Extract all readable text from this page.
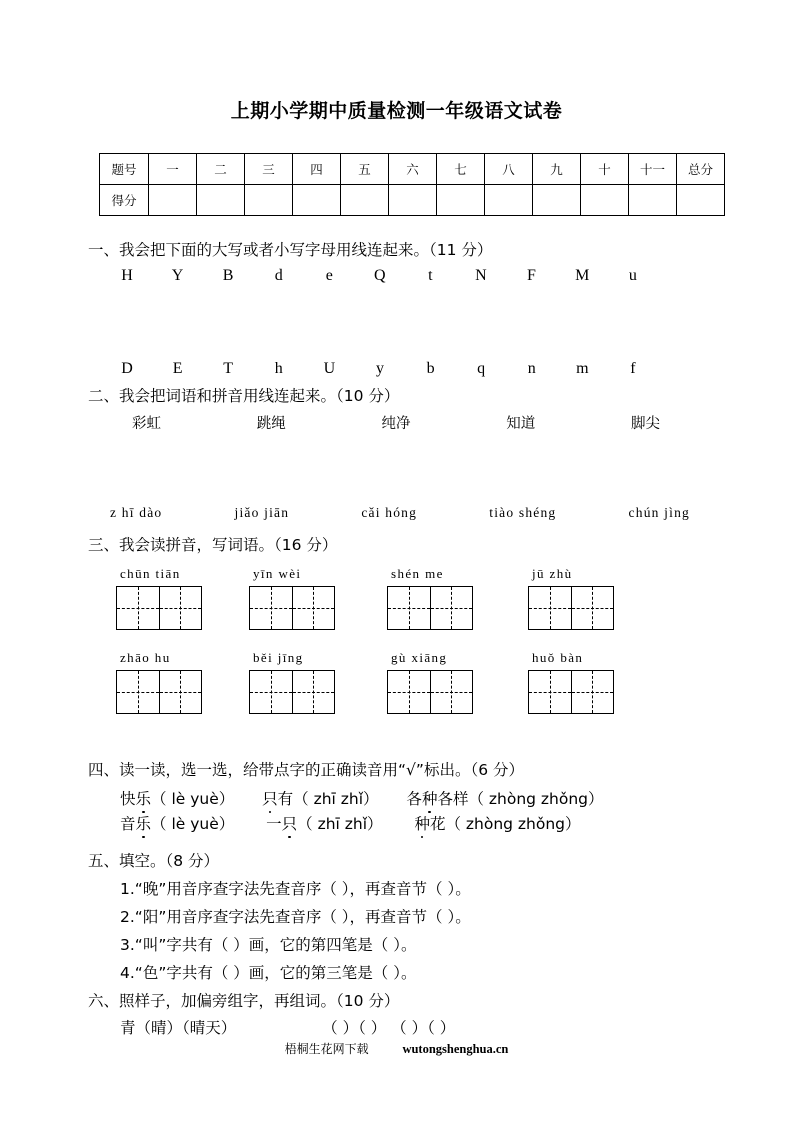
上期小学期中质量检测一年级语文试卷
题号	一	二	三	四	五	六	七	八	九	十	十一	总分
得分												
一、我会把下面的大写或者小写字母用线连起来。（11 分）
H Y B	d	e	Q	t	N	F M u
D E	T	h	U	y	b	q	n	m	f
二、我会把词语和拼音用线连起来。（10 分）
彩虹	跳绳	纯净	知道	脚尖
z hī dào	jiǎo jiān	cǎi hóng	tiào shéng	chún jìng
三、我会读拼音，写词语。（16 分）
chūn tiān	yīn wèi	shén me	jū zhù
zhāo hu	běi jīng	gù xiāng	huǒ bàn
四、读一读，选一选，给带点字的正确读音用“√”标出。（6 分）
快乐（ lè yuè） 只有（ zhī zhǐ） 各种各样（ zhòng zhǒng）
音乐（ lè yuè） 一只（ zhī zhǐ） 种花（ zhòng zhǒng）
五、填空。（8 分）
1.“晚”用音序查字法先查音序（ ），再查音节（ ）。
2.“阳”用音序查字法先查音序（ ），再查音节（ ）。
3.“叫”字共有（ ）画，它的第四笔是（ ）。
4.“色”字共有（ ）画，它的第三笔是（ ）。
六、照样子，加偏旁组字，再组词。（10 分）
青（晴）（晴天）	（ ）（ ） （ ）（ ）
梧桐生花网下载	wutongshenghua.cn
